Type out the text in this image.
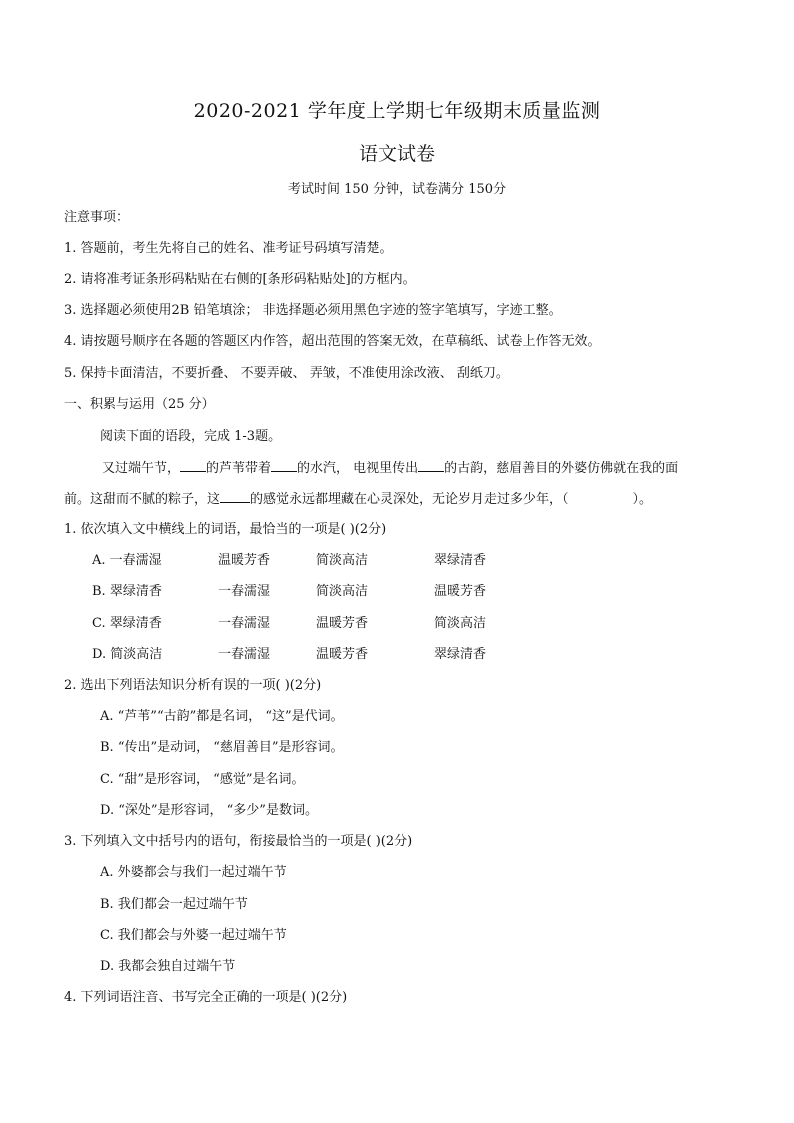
2020-2021 学年度上学期七年级期末质量监测
语文试卷
考试时间 150 分钟，试卷满分 150分
注意事项：
1. 答题前，考生先将自己的姓名、准考证号码填写清楚。
2. 请将准考证条形码粘贴在右侧的[条形码粘贴处]的方框内。
3. 选择题必须使用2B 铅笔填涂； 非选择题必须用黑色字迹的签字笔填写，字迹工整。
4. 请按题号顺序在各题的答题区内作答，超出范围的答案无效，在草稿纸、试卷上作答无效。
5. 保持卡面清洁，不要折叠、 不要弄破、 弄皱，不准使用涂改液、 刮纸刀。
一、积累与运用（25 分）
阅读下面的语段，完成 1-3题。
又过端午节， 的芦苇带着 的水汽， 电视里传出 的古韵，慈眉善目的外婆仿佛就在我的面
前。这甜而不腻的粽子，这 的感觉永远都埋藏在心灵深处，无论岁月走过多少年，（	）。
1. 依次填入文中横线上的词语，最恰当的一项是( )(2分)
A. 一春濡湿	温暖芳香	简淡高洁	翠绿清香
B. 翠绿清香	一春濡湿	简淡高洁	温暖芳香
C. 翠绿清香	一春濡湿	温暖芳香	简淡高洁
D. 简淡高洁	一春濡湿	温暖芳香	翠绿清香
2. 选出下列语法知识分析有误的一项( )(2分)
A. “芦苇”“古韵”都是名词， “这”是代词。
B. “传出”是动词， “慈眉善目”是形容词。
C. “甜”是形容词， “感觉”是名词。
D. “深处”是形容词， “多少”是数词。
3. 下列填入文中括号内的语句，衔接最恰当的一项是( )(2分)
A. 外婆都会与我们一起过端午节
B. 我们都会一起过端午节
C. 我们都会与外婆一起过端午节
D. 我都会独自过端午节
4. 下列词语注音、书写完全正确的一项是( )(2分)
